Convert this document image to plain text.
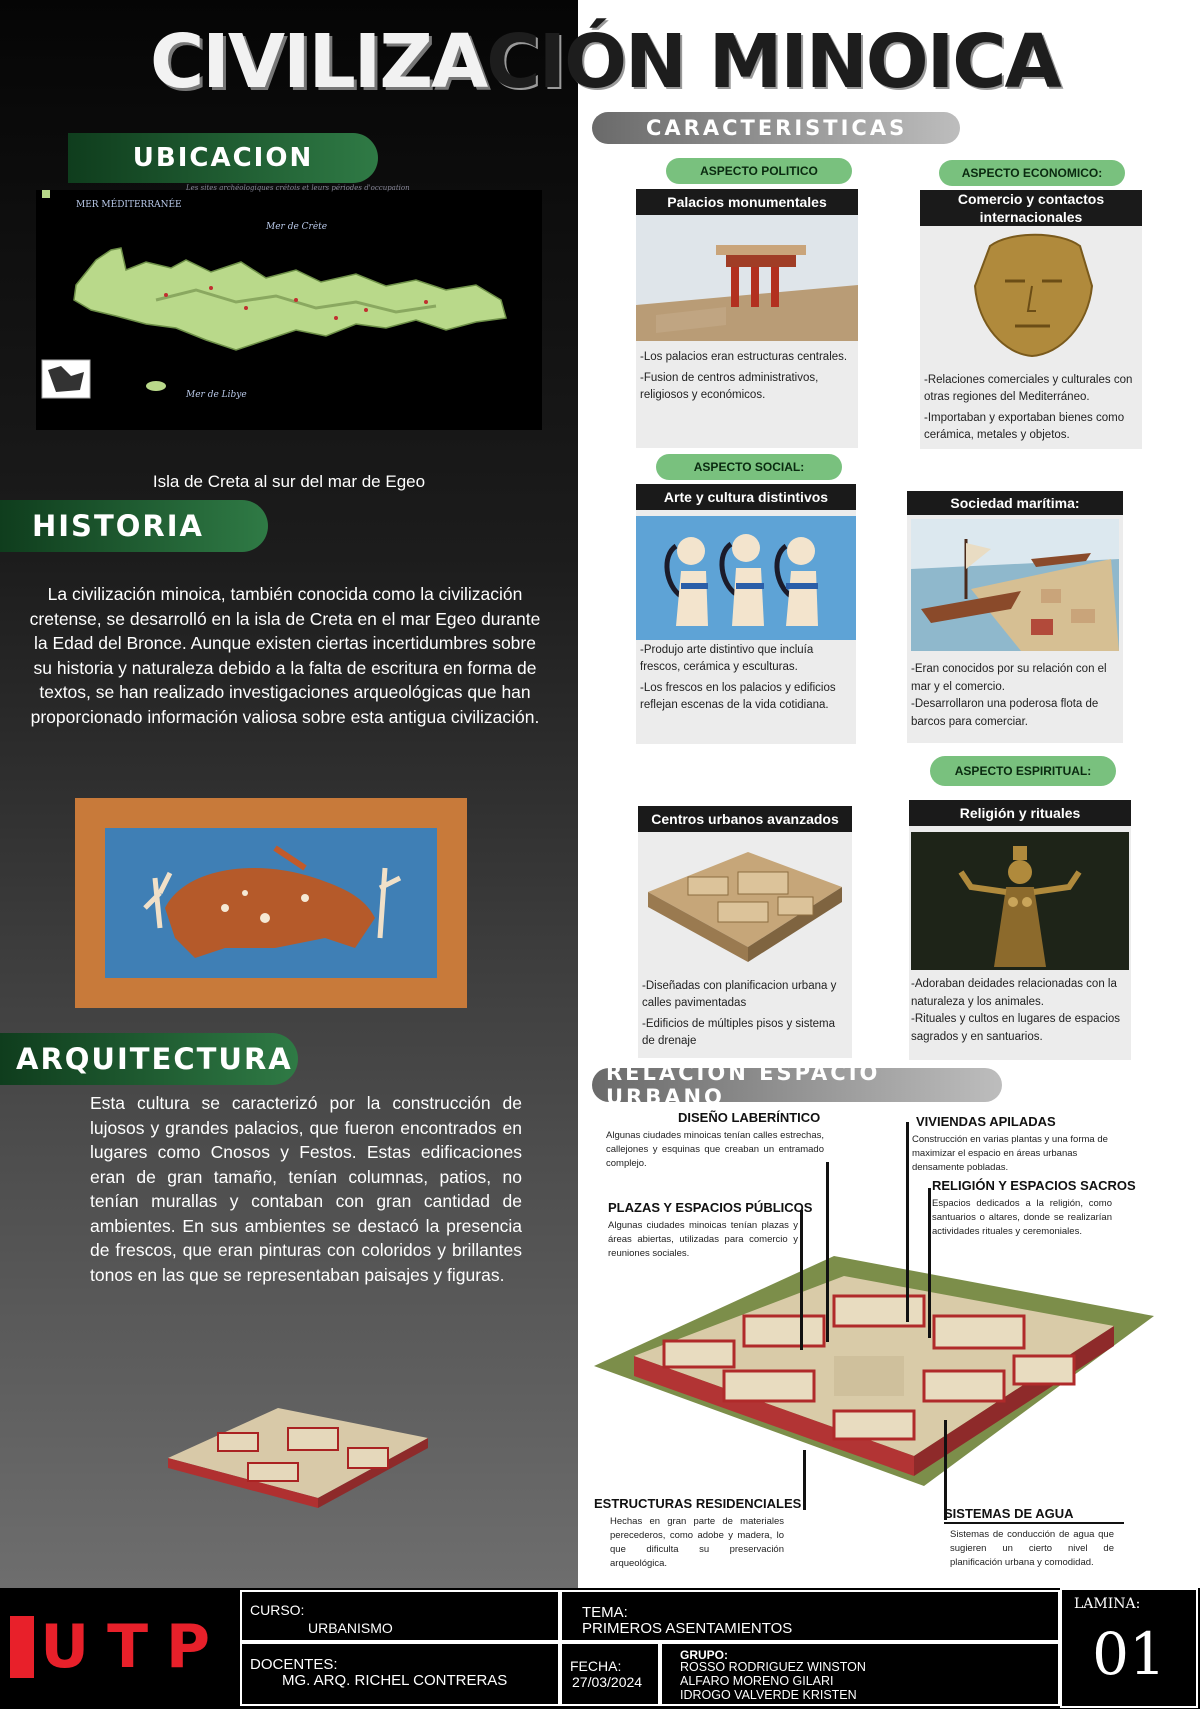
CIVILIZACIÓN MINOICA
UBICACION
MER MÉDITERRANÉE
Mer de Crète
Mer de Libye
Les sites archéologiques crétois et leurs périodes d'occupation
Isla de Creta al sur del mar de Egeo
HISTORIA
La civilización minoica, también conocida como la civilización cretense, se desarrolló en la isla de Creta en el mar Egeo durante la Edad del Bronce. Aunque existen ciertas incertidumbres sobre su historia y naturaleza debido a la falta de escritura en forma de textos, se han realizado investigaciones arqueológicas que han proporcionado información valiosa sobre esta antigua civilización.
ARQUITECTURA
Esta cultura se caracterizó por la construcción de lujosos y grandes palacios, que fueron encontrados en lugares como Cnosos y Festos. Estas edificaciones eran de gran tamaño, tenían columnas, patios, no tenían murallas y contaban con gran cantidad de ambientes. En sus ambientes se destacó la presencia de frescos, que eran pinturas con coloridos y brillantes tonos en las que se representaban paisajes y figuras.
CARACTERISTICAS
ASPECTO POLITICO	ASPECTO ECONOMICO:
ASPECTO SOCIAL:
ASPECTO ESPIRITUAL:
Palacios monumentales

-Los palacios eran estructuras centrales.

-Fusion de centros administrativos, religiosos y económicos.

Comercio y contactos internacionales

-Relaciones comerciales y culturales con otras regiones del Mediterráneo.

-Importaban y exportaban bienes como cerámica, metales y objetos.

Arte y cultura distintivos

-Produjo arte distintivo que incluía frescos, cerámica y esculturas.

-Los frescos en los palacios y edificios reflejan escenas de la vida cotidiana.

Sociedad marítima:

-Eran conocidos por su relación con el mar y el comercio.

-Desarrollaron una poderosa flota de barcos para comerciar.

Centros urbanos avanzados

-Diseñadas con planificacion urbana y calles pavimentadas

-Edificios de múltiples pisos y sistema de drenaje

Religión y rituales

-Adoraban deidades relacionadas con la naturaleza y los animales.

-Rituales y cultos en lugares de espacios sagrados y en santuarios.

RELACION ESPACIO URBANO
DISEÑO LABERÍNTICO
Algunas ciudades minoicas tenían calles estrechas, callejones y esquinas que creaban un entramado complejo.
VIVIENDAS APILADAS
Construcción en varias plantas y una forma de maximizar el espacio en áreas urbanas densamente pobladas.
RELIGIÓN Y ESPACIOS SACROS
Espacios dedicados a la religión, como santuarios o altares, donde se realizarían actividades rituales y ceremoniales.
PLAZAS Y ESPACIOS PÚBLICOS
Algunas ciudades minoicas tenían plazas y áreas abiertas, utilizadas para comercio y reuniones sociales.
ESTRUCTURAS RESIDENCIALES
Hechas en gran parte de materiales perecederos, como adobe y madera, lo que dificulta su preservación arqueológica.
SISTEMAS DE AGUA
Sistemas de conducción de agua que sugieren un cierto nivel de planificación urbana y comodidad.
UTP
CURSO:
URBANISMO
TEMA:
PRIMEROS ASENTAMIENTOS
LAMINA:
01
DOCENTES:
MG. ARQ. RICHEL CONTRERAS
FECHA:
27/03/2024
GRUPO:
ROSSO RODRIGUEZ WINSTON
ALFARO MORENO GILARI
IDROGO VALVERDE KRISTEN
